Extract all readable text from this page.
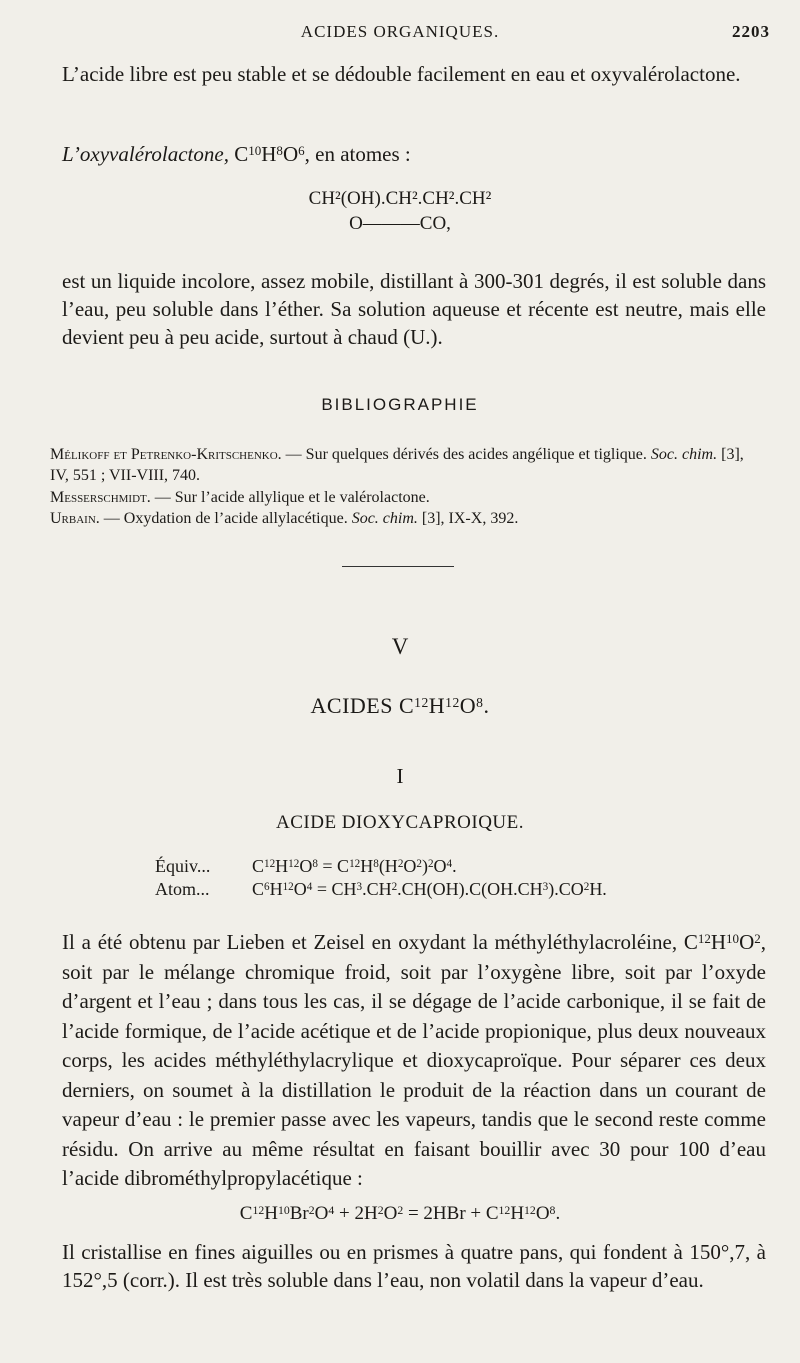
ACIDES ORGANIQUES.	2203
L’acide libre est peu stable et se dédouble facilement en eau et oxyvalérolactone.
L’oxyvalérolactone, $C^{10}H^8O^6$, en atomes :
CH²(OH).CH².CH².CH²
O———CO,
est un liquide incolore, assez mobile, distillant à 300-301 degrés, il est soluble dans l’eau, peu soluble dans l’éther. Sa solution aqueuse et récente est neutre, mais elle devient peu à peu acide, surtout à chaud (U.).
BIBLIOGRAPHIE
Mélikoff et Petrenko-Kritschenko. — Sur quelques dérivés des acides angélique et tiglique. Soc. chim. [3], IV, 551 ; VII-VIII, 740.
Messerschmidt. — Sur l’acide allylique et le valérolactone.
Urbain. — Oxydation de l’acide allylacétique. Soc. chim. [3], IX-X, 392.
V
ACIDES $C^{12}H^{12}O^8$.
I
ACIDE DIOXYCAPROIQUE.
Équiv... $C^{12}H^{12}O^8 = C^{12}H^8(H^2O^2)^2O^4$.
Atom... $C^6H^{12}O^4 = CH^3.CH^2.CH(OH).C(OH.CH^3).CO^2H$.
Il a été obtenu par Lieben et Zeisel en oxydant la méthyléthylacroléine, $C^{12}H^{10}O^2$, soit par le mélange chromique froid, soit par l’oxygène libre, soit par l’oxyde d’argent et l’eau ; dans tous les cas, il se dégage de l’acide carbonique, il se fait de l’acide formique, de l’acide acétique et de l’acide propionique, plus deux nouveaux corps, les acides méthyléthylacrylique et dioxycaproïque. Pour séparer ces deux derniers, on soumet à la distillation le produit de la réaction dans un courant de vapeur d’eau : le premier passe avec les vapeurs, tandis que le second reste comme résidu. On arrive au même résultat en faisant bouillir avec 30 pour 100 d’eau l’acide dibrométhylpropylacétique :
$C^{12}H^{10}Br^2O^4 + 2H^2O^2 = 2HBr + C^{12}H^{12}O^8$.
Il cristallise en fines aiguilles ou en prismes à quatre pans, qui fondent à 150°,7, à 152°,5 (corr.). Il est très soluble dans l’eau, non volatil dans la vapeur d’eau.
